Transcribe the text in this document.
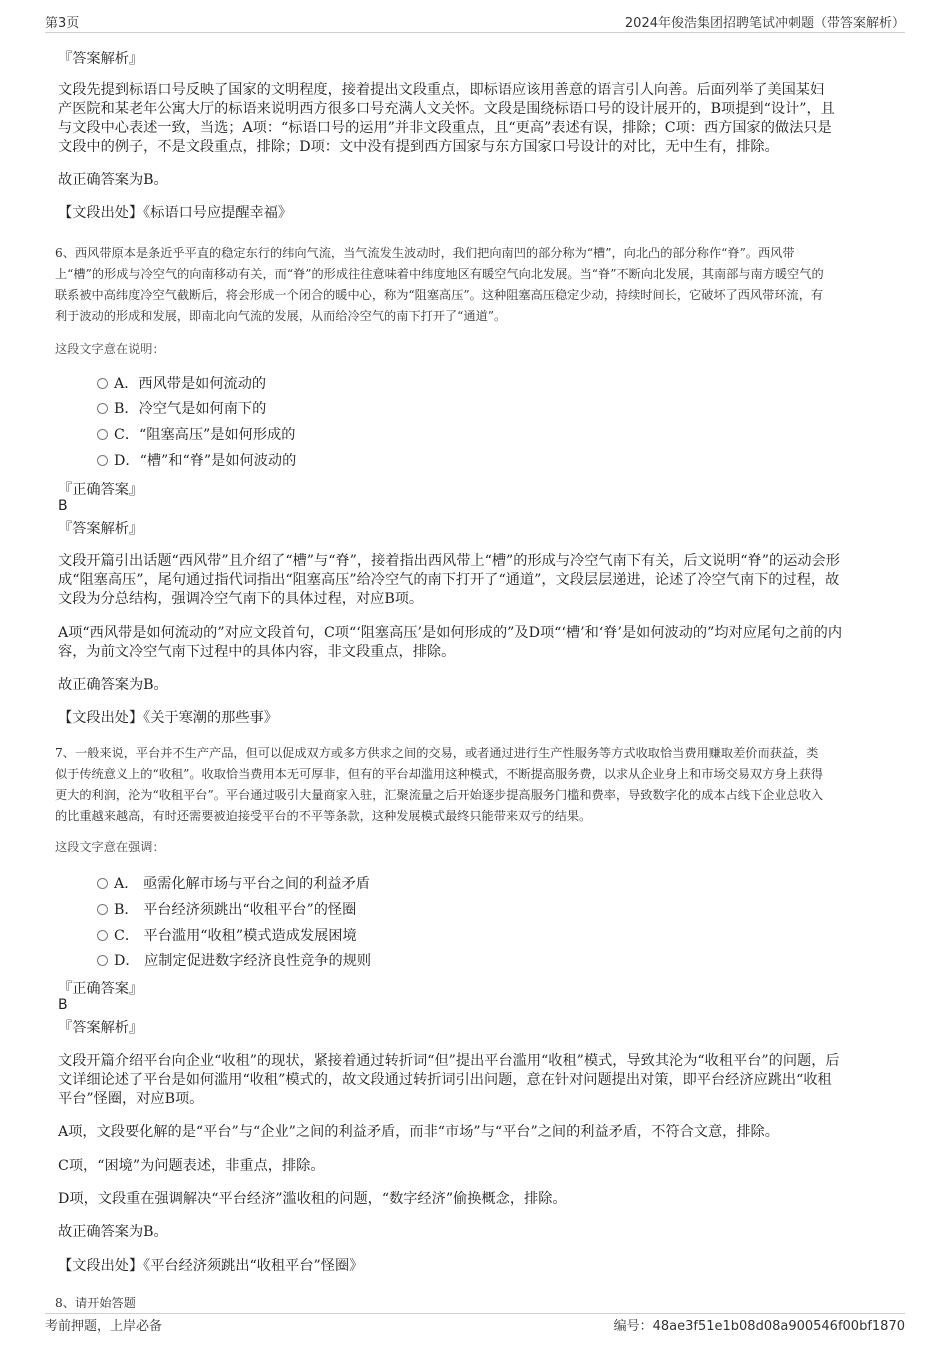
第3页	2024年俊浩集团招聘笔试冲刺题（带答案解析）
『答案解析』
文段先提到标语口号反映了国家的文明程度，接着提出文段重点，即标语应该用善意的语言引人向善。后面列举了美国某妇
产医院和某老年公寓大厅的标语来说明西方很多口号充满人文关怀。文段是围绕标语口号的设计展开的，B项提到“设计”，且
与文段中心表述一致，当选；A项：“标语口号的运用”并非文段重点，且“更高”表述有误，排除；C项：西方国家的做法只是
文段中的例子，不是文段重点，排除；D项：文中没有提到西方国家与东方国家口号设计的对比，无中生有，排除。
故正确答案为B。
【文段出处】《标语口号应提醒幸福》
6、西风带原本是条近乎平直的稳定东行的纬向气流，当气流发生波动时，我们把向南凹的部分称为“槽”，向北凸的部分称作“脊”。西风带
上“槽”的形成与冷空气的向南移动有关，而“脊”的形成往往意味着中纬度地区有暖空气向北发展。当“脊”不断向北发展，其南部与南方暖空气的
联系被中高纬度冷空气截断后，将会形成一个闭合的暖中心，称为“阻塞高压”。这种阻塞高压稳定少动，持续时间长，它破坏了西风带环流，有
利于波动的形成和发展，即南北向气流的发展，从而给冷空气的南下打开了“通道”。
这段文字意在说明：
A．西风带是如何流动的
B．冷空气是如何南下的
C．“阻塞高压”是如何形成的
D．“槽”和“脊”是如何波动的
『正确答案』
B
『答案解析』
文段开篇引出话题“西风带”且介绍了“槽”与“脊”，接着指出西风带上“槽”的形成与冷空气南下有关，后文说明“脊”的运动会形
成“阻塞高压”，尾句通过指代词指出“阻塞高压”给冷空气的南下打开了“通道”，文段层层递进，论述了冷空气南下的过程，故
文段为分总结构，强调冷空气南下的具体过程，对应B项。
A项“西风带是如何流动的”对应文段首句，C项“‘阻塞高压’是如何形成的”及D项“‘槽’和‘脊’是如何波动的”均对应尾句之前的内
容，为前文冷空气南下过程中的具体内容，非文段重点，排除。
故正确答案为B。
【文段出处】《关于寒潮的那些事》
7、一般来说，平台并不生产产品，但可以促成双方或多方供求之间的交易，或者通过进行生产性服务等方式收取恰当费用赚取差价而获益，类
似于传统意义上的“收租”。收取恰当费用本无可厚非，但有的平台却滥用这种模式，不断提高服务费，以求从企业身上和市场交易双方身上获得
更大的利润，沦为“收租平台”。平台通过吸引大量商家入驻，汇聚流量之后开始逐步提高服务门槛和费率，导致数字化的成本占线下企业总收入
的比重越来越高，有时还需要被迫接受平台的不平等条款，这种发展模式最终只能带来双亏的结果。
这段文字意在强调：
A． 亟需化解市场与平台之间的利益矛盾
B． 平台经济须跳出“收租平台”的怪圈
C． 平台滥用“收租”模式造成发展困境
D． 应制定促进数字经济良性竞争的规则
『正确答案』
B
『答案解析』
文段开篇介绍平台向企业“收租”的现状，紧接着通过转折词“但”提出平台滥用“收租”模式，导致其沦为“收租平台”的问题，后
文详细论述了平台是如何滥用“收租”模式的，故文段通过转折词引出问题，意在针对问题提出对策，即平台经济应跳出“收租
平台”怪圈，对应B项。
A项，文段要化解的是“平台”与“企业”之间的利益矛盾，而非“市场”与“平台”之间的利益矛盾，不符合文意，排除。
C项，“困境”为问题表述，非重点，排除。
D项，文段重在强调解决“平台经济”滥收租的问题，“数字经济”偷换概念，排除。
故正确答案为B。
【文段出处】《平台经济须跳出“收租平台”怪圈》
8、请开始答题
考前押题，上岸必备	编号：48ae3f51e1b08d08a900546f00bf1870
